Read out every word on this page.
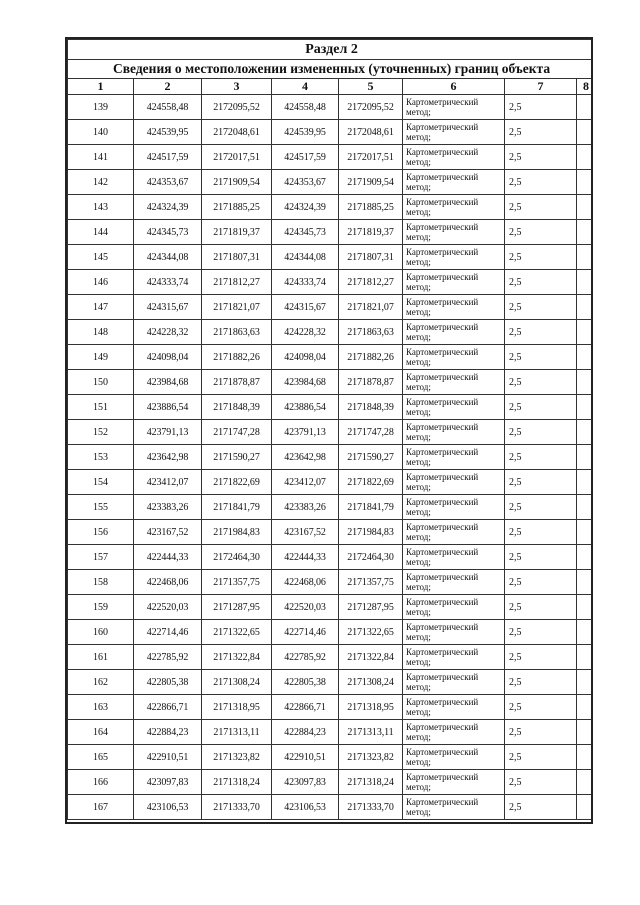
Раздел 2							
Сведения о местоположении измененных (уточненных) границ объекта							
1	2	3	4	5	6	7	8
139	424558,48	2172095,52	424558,48	2172095,52	Картометрический метод;	2,5	
140	424539,95	2172048,61	424539,95	2172048,61	Картометрический метод;	2,5	
141	424517,59	2172017,51	424517,59	2172017,51	Картометрический метод;	2,5	
142	424353,67	2171909,54	424353,67	2171909,54	Картометрический метод;	2,5	
143	424324,39	2171885,25	424324,39	2171885,25	Картометрический метод;	2,5	
144	424345,73	2171819,37	424345,73	2171819,37	Картометрический метод;	2,5	
145	424344,08	2171807,31	424344,08	2171807,31	Картометрический метод;	2,5	
146	424333,74	2171812,27	424333,74	2171812,27	Картометрический метод;	2,5	
147	424315,67	2171821,07	424315,67	2171821,07	Картометрический метод;	2,5	
148	424228,32	2171863,63	424228,32	2171863,63	Картометрический метод;	2,5	
149	424098,04	2171882,26	424098,04	2171882,26	Картометрический метод;	2,5	
150	423984,68	2171878,87	423984,68	2171878,87	Картометрический метод;	2,5	
151	423886,54	2171848,39	423886,54	2171848,39	Картометрический метод;	2,5	
152	423791,13	2171747,28	423791,13	2171747,28	Картометрический метод;	2,5	
153	423642,98	2171590,27	423642,98	2171590,27	Картометрический метод;	2,5	
154	423412,07	2171822,69	423412,07	2171822,69	Картометрический метод;	2,5	
155	423383,26	2171841,79	423383,26	2171841,79	Картометрический метод;	2,5	
156	423167,52	2171984,83	423167,52	2171984,83	Картометрический метод;	2,5	
157	422444,33	2172464,30	422444,33	2172464,30	Картометрический метод;	2,5	
158	422468,06	2171357,75	422468,06	2171357,75	Картометрический метод;	2,5	
159	422520,03	2171287,95	422520,03	2171287,95	Картометрический метод;	2,5	
160	422714,46	2171322,65	422714,46	2171322,65	Картометрический метод;	2,5	
161	422785,92	2171322,84	422785,92	2171322,84	Картометрический метод;	2,5	
162	422805,38	2171308,24	422805,38	2171308,24	Картометрический метод;	2,5	
163	422866,71	2171318,95	422866,71	2171318,95	Картометрический метод;	2,5	
164	422884,23	2171313,11	422884,23	2171313,11	Картометрический метод;	2,5	
165	422910,51	2171323,82	422910,51	2171323,82	Картометрический метод;	2,5	
166	423097,83	2171318,24	423097,83	2171318,24	Картометрический метод;	2,5	
167	423106,53	2171333,70	423106,53	2171333,70	Картометрический метод;	2,5	
